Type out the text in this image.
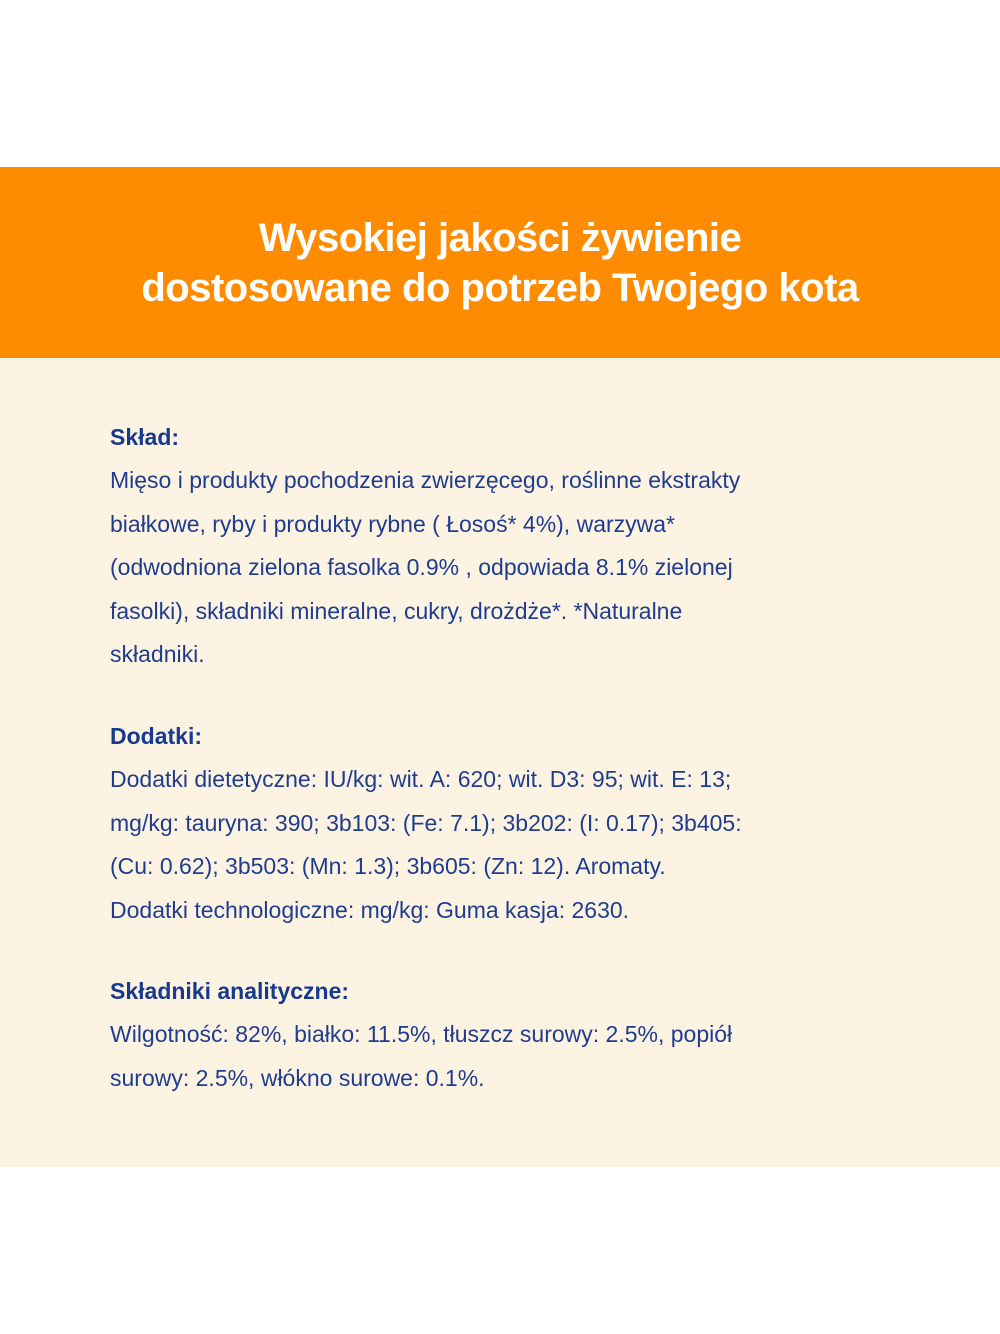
Wysokiej jakości żywienie
dostosowane do potrzeb Twojego kota
Skład:
Mięso i produkty pochodzenia zwierzęcego, roślinne ekstrakty
białkowe, ryby i produkty rybne ( Łosoś* 4%), warzywa*
(odwodniona zielona fasolka 0.9% , odpowiada 8.1% zielonej
fasolki), składniki mineralne, cukry, drożdże*. *Naturalne
składniki.
Dodatki:
Dodatki dietetyczne: IU/kg: wit. A: 620; wit. D3: 95; wit. E: 13;
mg/kg: tauryna: 390; 3b103: (Fe: 7.1); 3b202: (I: 0.17); 3b405:
(Cu: 0.62); 3b503: (Mn: 1.3); 3b605: (Zn: 12). Aromaty.
Dodatki technologiczne: mg/kg: Guma kasja: 2630.
Składniki analityczne:
Wilgotność: 82%, białko: 11.5%, tłuszcz surowy: 2.5%, popiół
surowy: 2.5%, włókno surowe: 0.1%.
